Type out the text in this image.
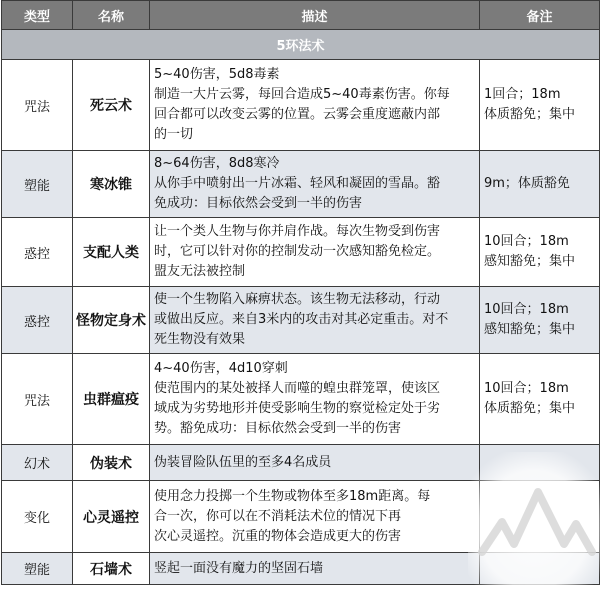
类型	名称	描述	备注
5环法术			
咒法	死云术	5~40伤害，5d8毒素
制造一大片云雾，每回合造成5~40毒素伤害。你每
回合都可以改变云雾的位置。云雾会重度遮蔽内部
的一切	1回合；18m
体质豁免；集中

塑能	寒冰锥	8~64伤害，8d8寒冷
从你手中喷射出一片冰霜、轻风和凝固的雪晶。豁
免成功：目标依然会受到一半的伤害	9m；体质豁免

惑控	支配人类	让一个类人生物与你并肩作战。每次生物受到伤害
时，它可以针对你的控制发动一次感知豁免检定。
盟友无法被控制	10回合；18m
感知豁免；集中

惑控	怪物定身术	使一个生物陷入麻痹状态。该生物无法移动，行动
或做出反应。来自3米内的攻击对其必定重击。对不
死生物没有效果	10回合；18m
感知豁免；集中

咒法	虫群瘟疫	4~40伤害，4d10穿刺
使范围内的某处被择人而噬的蝗虫群笼罩，使该区
域成为劣势地形并使受影响生物的察觉检定处于劣
势。豁免成功：目标依然会受到一半的伤害	10回合；18m
体质豁免；集中

幻术	伪装术	伪装冒险队伍里的至多4名成员	

变化	心灵遥控	使用念力投掷一个生物或物体至多18m距离。每
合一次，你可以在不消耗法术位的情况下再
次心灵遥控。沉重的物体会造成更大的伤害	

塑能	石墙术	竖起一面没有魔力的坚固石墙	
